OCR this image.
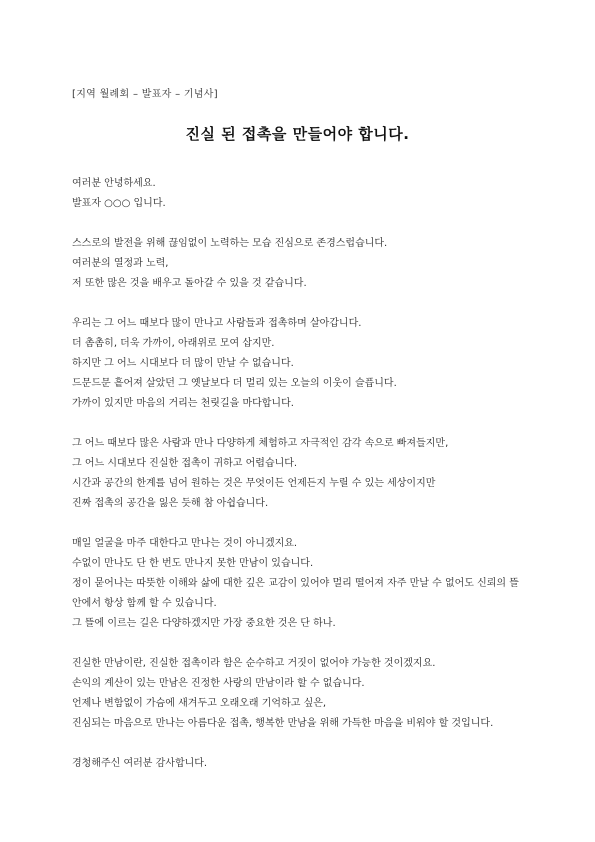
[지역 월례회 – 발표자 – 기념사]
진실 된 접촉을 만들어야 합니다.
여러분 안녕하세요.
발표자 ○○○ 입니다.
스스로의 발전을 위해 끊임없이 노력하는 모습 진심으로 존경스럽습니다.
여러분의 열정과 노력,
저 또한 많은 것을 배우고 돌아갈 수 있을 것 같습니다.
우리는 그 어느 때보다 많이 만나고 사람들과 접촉하며 살아갑니다.
더 촘촘히, 더욱 가까이, 아래위로 모여 삽지만.
하지만 그 어느 시대보다 더 많이 만날 수 없습니다.
드문드문 흩어져 살았던 그 옛날보다 더 멀리 있는 오늘의 이웃이 슬픕니다.
가까이 있지만 마음의 거리는 천릿길을 마다합니다.
그 어느 때보다 많은 사람과 만나 다양하게 체험하고 자극적인 감각 속으로 빠져들지만,
그 어느 시대보다 진실한 접촉이 귀하고 어렵습니다.
시간과 공간의 한계를 넘어 원하는 것은 무엇이든 언제든지 누릴 수 있는 세상이지만
진짜 접촉의 공간을 잃은 듯해 참 아쉽습니다.
매일 얼굴을 마주 대한다고 만나는 것이 아니겠지요.
수없이 만나도 단 한 번도 만나지 못한 만남이 있습니다.
정이 묻어나는 따뜻한 이해와 삶에 대한 깊은 교감이 있어야 멀리 떨어져 자주 만날 수 없어도 신뢰의 뜰 안에서 항상 함께 할 수 있습니다.
그 뜰에 이르는 길은 다양하겠지만 가장 중요한 것은 단 하나.
진실한 만남이란, 진실한 접촉이라 함은 순수하고 거짓이 없어야 가능한 것이겠지요.
손익의 계산이 있는 만남은 진정한 사랑의 만남이라 할 수 없습니다.
언제나 변함없이 가슴에 새겨두고 오래오래 기억하고 싶은,
진심되는 마음으로 만나는 아름다운 접촉, 행복한 만남을 위해 가득한 마음을 비워야 할 것입니다.
경청해주신 여러분 감사합니다.
